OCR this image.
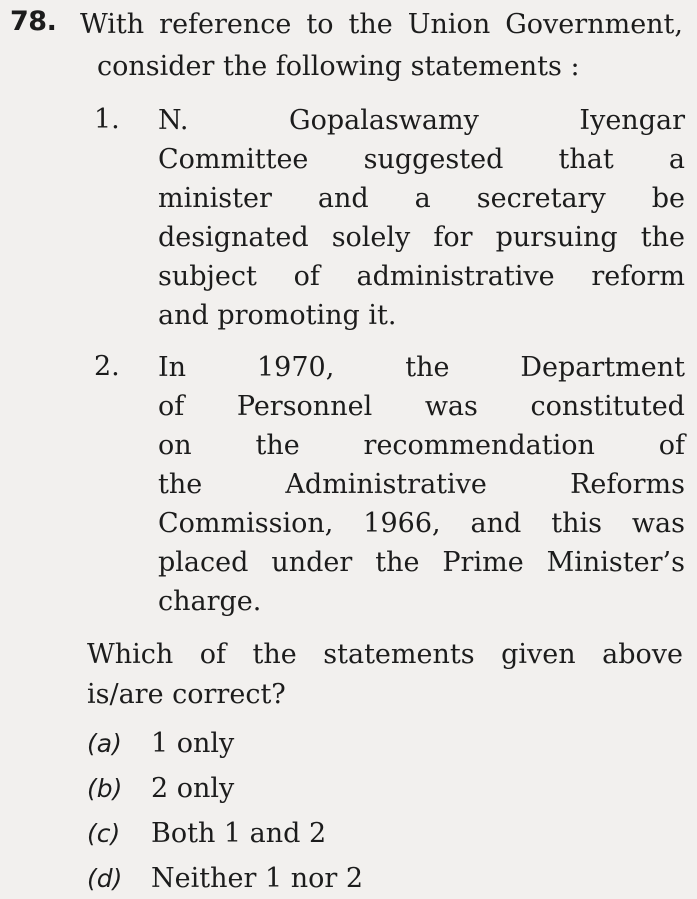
78. With reference to the Union Government,
consider the following statements :
1. N.	Gopalaswamy	Iyengar
Committee suggested that a
minister and a secretary be
designated solely for pursuing the
subject of administrative reform
and promoting it.
2. In	1970,	the	Department
of Personnel was constituted
on the recommendation of
the	Administrative	Reforms
Commission, 1966, and this was
placed under the Prime Minister’s
charge.
Which of the statements given above
is/are correct?
(a)	1 only
(b)	2 only
(c)	Both 1 and 2
(d)	Neither 1 nor 2
